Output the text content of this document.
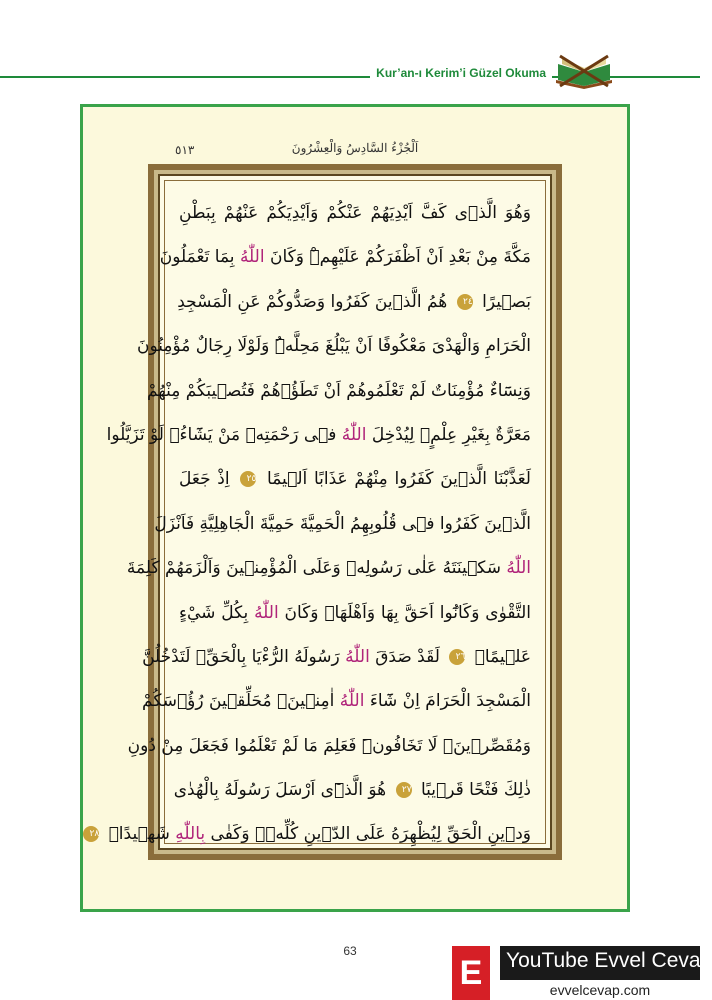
Kur’an-ı Kerim’i Güzel Okuma
اَلْجُزْءُ السَّادِسُ وَالْعِشْرُونَ
٥١٣
وَهُوَ الَّذٖى كَفَّ اَيْدِيَهُمْ عَنْكُمْ وَاَيْدِيَكُمْ عَنْهُمْ بِبَطْنِ
مَكَّةَ مِنْ بَعْدِ اَنْ اَظْفَرَكُمْ عَلَيْهِمْۜ وَكَانَ اللّٰهُ بِمَا تَعْمَلُونَ
بَصٖيرًا ٢٤ هُمُ الَّذٖينَ كَفَرُوا وَصَدُّوكُمْ عَنِ الْمَسْجِدِ
الْحَرَامِ وَالْهَدْىَ مَعْكُوفًا اَنْ يَبْلُغَ مَحِلَّهُۜ وَلَوْلَا رِجَالٌ مُؤْمِنُونَ
وَنِسَٓاءٌ مُؤْمِنَاتٌ لَمْ تَعْلَمُوهُمْ اَنْ تَطَؤُ۫هُمْ فَتُصٖيبَكُمْ مِنْهُمْ
مَعَرَّةٌ بِغَيْرِ عِلْمٍۚ لِيُدْخِلَ اللّٰهُ فٖى رَحْمَتِهٖ مَنْ يَشَٓاءُۚ لَوْ تَزَيَّلُوا
لَعَذَّبْنَا الَّذٖينَ كَفَرُوا مِنْهُمْ عَذَابًا اَلٖيمًا ٢٥ اِذْ جَعَلَ
الَّذٖينَ كَفَرُوا فٖى قُلُوبِهِمُ الْحَمِيَّةَ حَمِيَّةَ الْجَاهِلِيَّةِ فَاَنْزَلَ
اللّٰهُ سَكٖينَتَهُ عَلٰى رَسُولِهٖ وَعَلَى الْمُؤْمِنٖينَ وَاَلْزَمَهُمْ كَلِمَةَ
التَّقْوٰى وَكَانُٓوا اَحَقَّ بِهَا وَاَهْلَهَاۜ وَكَانَ اللّٰهُ بِكُلِّ شَيْءٍ
عَلٖيمًا۟ ٢٦ لَقَدْ صَدَقَ اللّٰهُ رَسُولَهُ الرُّءْيَا بِالْحَقِّۚ لَتَدْخُلُنَّ
الْمَسْجِدَ الْحَرَامَ اِنْ شَٓاءَ اللّٰهُ اٰمِنٖينَۙ مُحَلِّقٖينَ رُؤُ۫سَكُمْ
وَمُقَصِّرٖينَۙ لَا تَخَافُونَۜ فَعَلِمَ مَا لَمْ تَعْلَمُوا فَجَعَلَ مِنْ دُونِ
ذٰلِكَ فَتْحًا قَرٖيبًا ٢٧ هُوَ الَّذٖٓى اَرْسَلَ رَسُولَهُ بِالْهُدٰى
وَدٖينِ الْحَقِّ لِيُظْهِرَهُ عَلَى الدّٖينِ كُلِّهٖۜ وَكَفٰى بِاللّٰهِ شَهٖيدًا۟ ٢٨
63
E	YouTube Evvel Cevap
evvelcevap.com
